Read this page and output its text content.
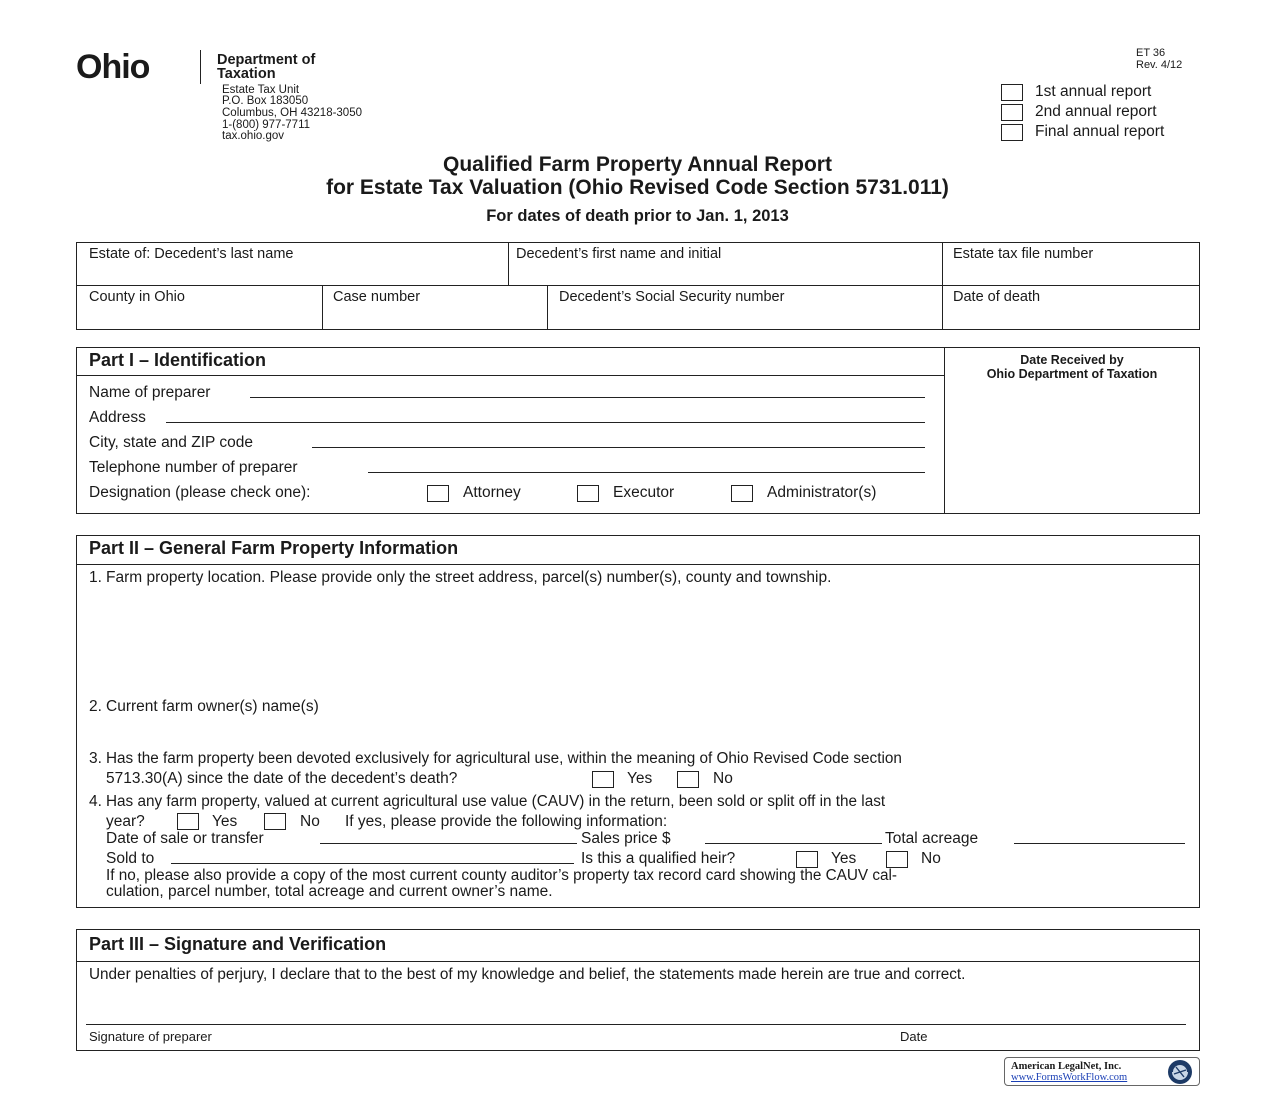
Ohio	Department of
Taxation
Estate Tax Unit
P.O. Box 183050
Columbus, OH 43218-3050
1-(800) 977-7711
tax.ohio.gov
ET 36
Rev. 4/12
1st annual report
2nd annual report
Final annual report
Qualified Farm Property Annual Report
for Estate Tax Valuation (Ohio Revised Code Section 5731.011)
For dates of death prior to Jan. 1, 2013
Estate of: Decedent’s last name	Decedent’s first name and initial	Estate tax file number
County in Ohio	Case number	Decedent’s Social Security number	Date of death
Part I – Identification	Date Received by
Ohio Department of Taxation
Name of preparer
Address
City, state and ZIP code
Telephone number of preparer
Designation (please check one):	Attorney	Executor	Administrator(s)
Part II – General Farm Property Information
1. Farm property location. Please provide only the street address, parcel(s) number(s), county and township.
2. Current farm owner(s) name(s)
3. Has the farm property been devoted exclusively for agricultural use, within the meaning of Ohio Revised Code section
5713.30(A) since the date of the decedent’s death?	Yes	No
4. Has any farm property, valued at current agricultural use value (CAUV) in the return, been sold or split off in the last
year?	Yes	No If yes, please provide the following information:
Date of sale or transfer	Sales price $	Total acreage
Sold to	Is this a qualified heir?	Yes	No
If no, please also provide a copy of the most current county auditor’s property tax record card showing the CAUV cal-
culation, parcel number, total acreage and current owner’s name.
Part III – Signature and Verification
Under penalties of perjury, I declare that to the best of my knowledge and belief, the statements made herein are true and correct.
Signature of preparer	Date
American LegalNet, Inc.
www.FormsWorkFlow.com
